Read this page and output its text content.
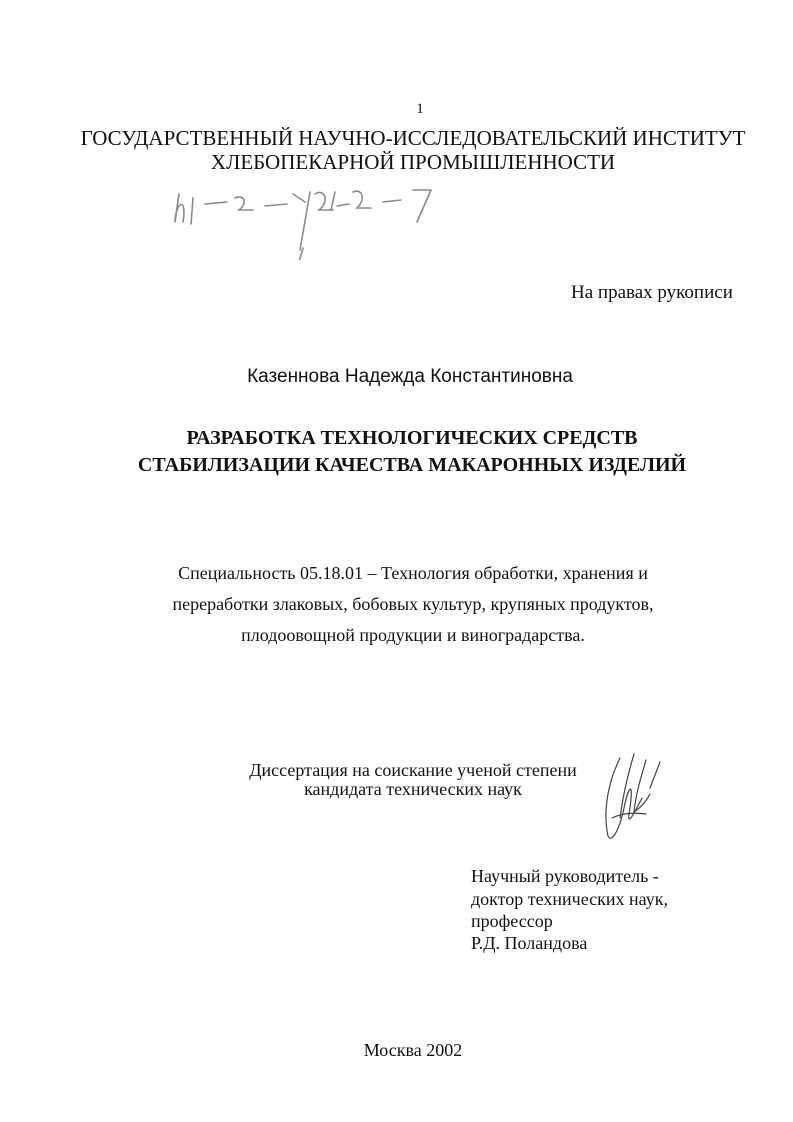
1
ГОСУДАРСТВЕННЫЙ НАУЧНО-ИССЛЕДОВАТЕЛЬСКИЙ ИНСТИТУТ
ХЛЕБОПЕКАРНОЙ ПРОМЫШЛЕННОСТИ
61:04-5/1222-7
На правах рукописи
Казеннова Надежда Константиновна
РАЗРАБОТКА ТЕХНОЛОГИЧЕСКИХ СРЕДСТВ
СТАБИЛИЗАЦИИ КАЧЕСТВА МАКАРОННЫХ ИЗДЕЛИЙ
Специальность 05.18.01 – Технология обработки, хранения и
переработки злаковых, бобовых культур, крупяных продуктов,
плодоовощной продукции и виноградарства.
Диссертация на соискание ученой степени
кандидата технических наук
Научный руководитель -
доктор технических наук,
профессор
Р.Д. Поландова
Москва 2002
